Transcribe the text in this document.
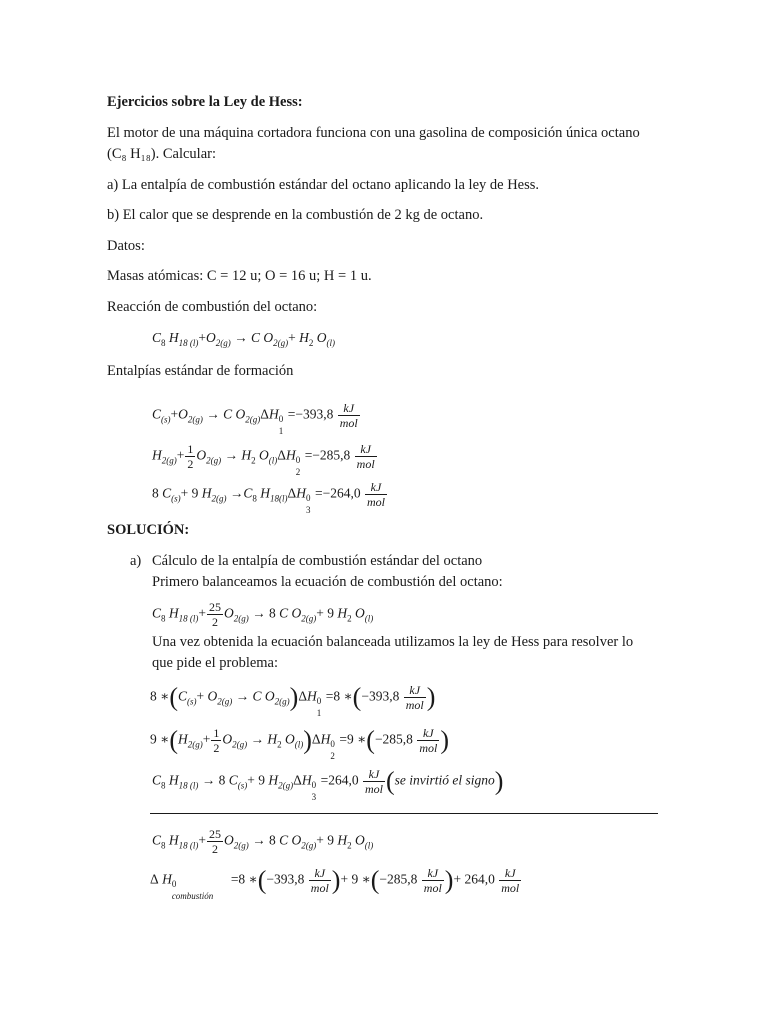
Ejercicios sobre la Ley de Hess:
El motor de una máquina cortadora funciona con una gasolina de composición única octano
(C₈ H₁₈). Calcular:
a) La entalpía de combustión estándar del octano aplicando la ley de Hess.
b) El calor que se desprende en la combustión de 2 kg de octano.
Datos:
Masas atómicas: C = 12 u; O = 16 u; H = 1 u.
Reacción de combustión del octano:
$C_8$ $H_{18 (l)}+O_{2(g)} \to C$ $O_{2(g)}+ H_2$ $O_{(l)}$
Entalpías estándar de formación
$C_{(s)}+O_{2(g)} \to C$ $O_{2(g)}\Delta H$ 0
1
$=-393,8 \frac{kJ}{\text{mol}}$
$H_{2(g)}+ \frac{1}{2} O_{2(g)} \to H_2$ $O_{(l)}\Delta H$ 0
2
$=-285,8 \frac{kJ}{\text{mol}}$
8 $C_{(s)}+ 9$ $H_{2(g)} \to C_8$ $H_{18(l)}\Delta H$ 0
3
$=-264,0 \frac{kJ}{\text{mol}}$
SOLUCIÓN:
a) Cálculo de la entalpía de combustión estándar del octano
Primero balanceamos la ecuación de combustión del octano:
$C_8$ $H_{18 (l)}+ \frac{25}{2} O_{2(g)} \to 8$ C $O_{2(g)}+ 9$ $H_2$ $O_{(l)}$
Una vez obtenida la ecuación balanceada utilizamos la ley de Hess para resolver lo
que pide el problema:
8 $∗(C_{(s)}+ O_{2(g)} \to C$ $O_{2(g)})\Delta H$ 0
1
=8 ∗(−393,8 $\frac{kJ}{\text{mol}}$ )
9 $∗(H_{2(g)}+ \frac{1}{2} O_{2(g)} \to H_2$ $O_{(l)})\Delta H$ 0
2
=9 ∗(−285,8 $\frac{kJ}{\text{mol}}$ )
$C_8$ $H_{18 (l)} \to 8$ $C_{(s)}+ 9$ $H_{2(g)}\Delta H$ 0
3
$=264,0 \frac{kJ}{\text{mol}} (se$ invirtió el signo)
$C_8$ $H_{18 (l)}+ \frac{25}{2} O_{2(g)} \to 8$ C $O_{2(g)}+ 9$ $H_2$ $O_{(l)}$
Δ H 0
combustión
=8 ∗(−393,8 $\frac{kJ}{\text{mol}}$ )+ 9 ∗(−285,8 $\frac{kJ}{\text{mol}}$ )+ $264,0 \frac{kJ}{\text{mol}}$
